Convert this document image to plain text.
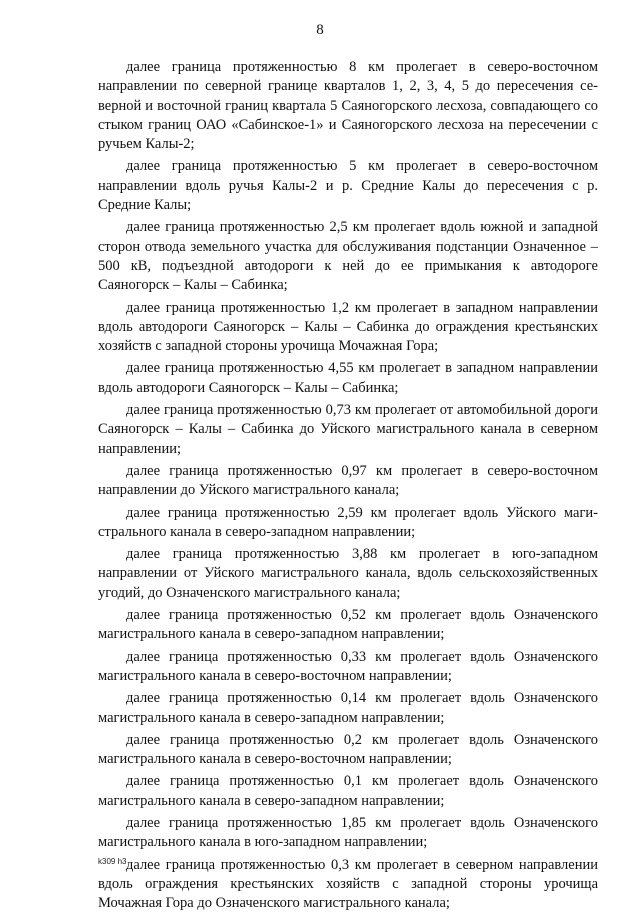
8

далее граница протяженностью 8 км пролегает в северо-восточном направлении по северной границе кварталов 1, 2, 3, 4, 5 до пересечения северной и восточной границ квартала 5 Саяногорского лесхоза, совпадающего со стыком границ ОАО «Сабинское-1» и Саяногорского лесхоза на пересечении с ручьем Калы-2;

далее граница протяженностью 5 км пролегает в северо-восточном направлении вдоль ручья Калы-2 и р. Средние Калы до пересечения с р. Средние Калы;

далее граница протяженностью 2,5 км пролегает вдоль южной и западной сторон отвода земельного участка для обслуживания подстанции Означенное – 500 кВ, подъездной автодороги к ней до ее примыкания к автодороге Саяногорск – Калы – Сабинка;

далее граница протяженностью 1,2 км пролегает в западном направлении вдоль автодороги Саяногорск – Калы – Сабинка до ограждения крестьянских хозяйств с западной стороны урочища Мочажная Гора;

далее граница протяженностью 4,55 км пролегает в западном направлении вдоль автодороги Саяногорск – Калы – Сабинка;

далее граница протяженностью 0,73 км пролегает от автомобильной дороги Саяногорск – Калы – Сабинка до Уйского магистрального канала в северном направлении;

далее граница протяженностью 0,97 км пролегает в северо-восточном направлении до Уйского магистрального канала;

далее граница протяженностью 2,59 км пролегает вдоль Уйского магистрального канала в северо-западном направлении;

далее граница протяженностью 3,88 км пролегает в юго-западном направлении от Уйского магистрального канала, вдоль сельскохозяйственных угодий, до Означенского магистрального канала;

далее граница протяженностью 0,52 км пролегает вдоль Означенского магистрального канала в северо-западном направлении;

далее граница протяженностью 0,33 км пролегает вдоль Означенского магистрального канала в северо-восточном направлении;

далее граница протяженностью 0,14 км пролегает вдоль Означенского магистрального канала в северо-западном направлении;

далее граница протяженностью 0,2 км пролегает вдоль Означенского магистрального канала в северо-восточном направлении;

далее граница протяженностью 0,1 км пролегает вдоль Означенского магистрального канала в северо-западном направлении;

далее граница протяженностью 1,85 км пролегает вдоль Означенского магистрального канала в юго-западном направлении;

далее граница протяженностью 0,3 км пролегает в северном направлении вдоль ограждения крестьянских хозяйств с западной стороны урочища Мочажная Гора до Означенского магистрального канала;

k309 h3
